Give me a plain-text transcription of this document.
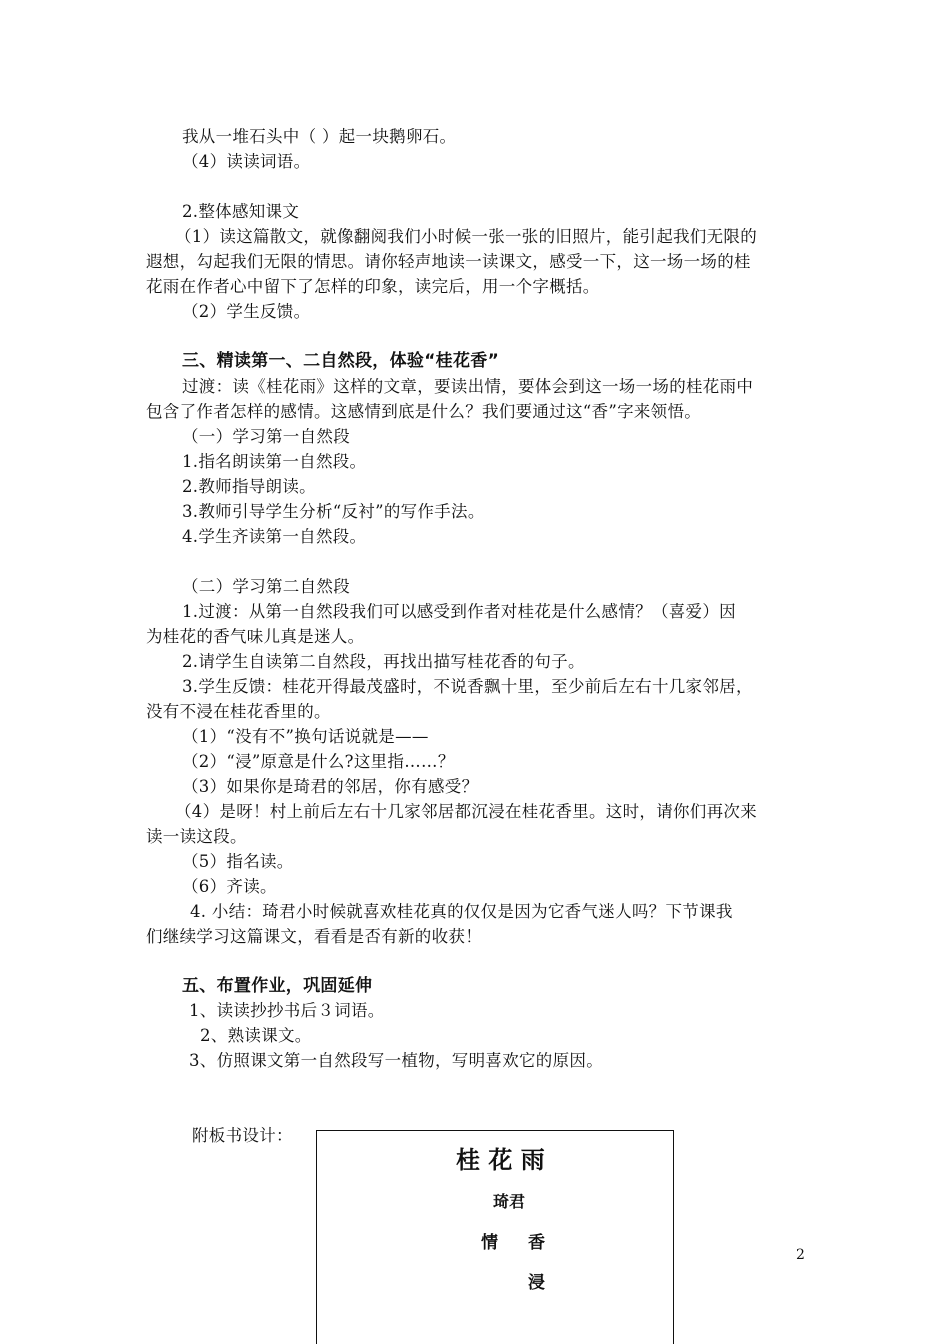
我从一堆石头中（ ）起一块鹅卵石。
（4）读读词语。
2.整体感知课文
（1）读这篇散文，就像翻阅我们小时候一张一张的旧照片，能引起我们无限的
遐想，勾起我们无限的情思。请你轻声地读一读课文，感受一下，这一场一场的桂
花雨在作者心中留下了怎样的印象，读完后，用一个字概括。
（2）学生反馈。
三、精读第一、二自然段，体验“桂花香”
过渡：读《桂花雨》这样的文章，要读出情，要体会到这一场一场的桂花雨中
包含了作者怎样的感情。这感情到底是什么？我们要通过这“香”字来领悟。
（一）学习第一自然段
1.指名朗读第一自然段。
2.教师指导朗读。
3.教师引导学生分析“反衬”的写作手法。
4.学生齐读第一自然段。
（二）学习第二自然段
1.过渡：从第一自然段我们可以感受到作者对桂花是什么感情？（喜爱）因
为桂花的香气味儿真是迷人。
2.请学生自读第二自然段，再找出描写桂花香的句子。
3.学生反馈：桂花开得最茂盛时，不说香飘十里，至少前后左右十几家邻居，
没有不浸在桂花香里的。
（1）“没有不”换句话说就是——
（2）“浸”原意是什么?这里指……？
（3）如果你是琦君的邻居，你有感受？
（4）是呀！村上前后左右十几家邻居都沉浸在桂花香里。这时，请你们再次来
读一读这段。
（5）指名读。
（6）齐读。
4. 小结：琦君小时候就喜欢桂花真的仅仅是因为它香气迷人吗？下节课我
们继续学习这篇课文，看看是否有新的收获！
五、布置作业，巩固延伸
1、读读抄抄书后３词语。
2、熟读课文。
3、仿照课文第一自然段写一植物，写明喜欢它的原因。
附板书设计：
桂 花 雨
琦君
情 香
浸
2
